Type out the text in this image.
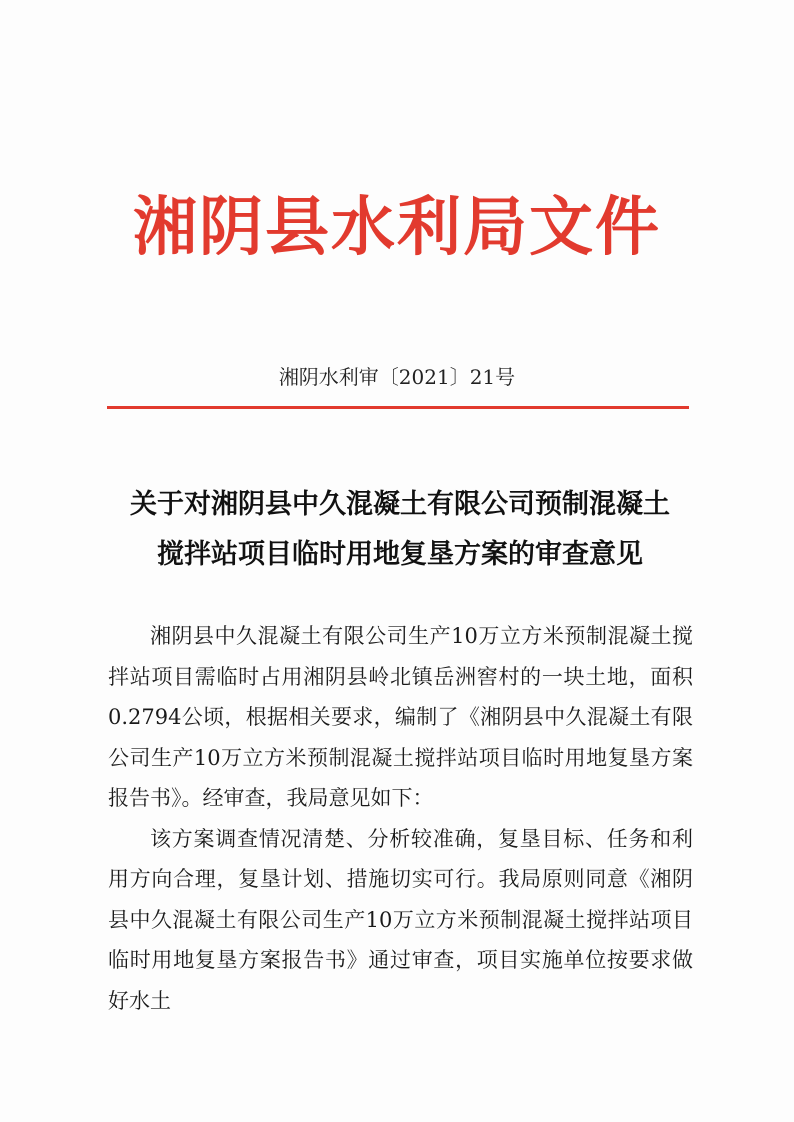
湘阴县水利局文件
湘阴水利审〔2021〕21号
关于对湘阴县中久混凝土有限公司预制混凝土
搅拌站项目临时用地复垦方案的审查意见

湘阴县中久混凝土有限公司生产10万立方米预制混凝土搅拌站项目需临时占用湘阴县岭北镇岳洲窖村的一块土地，面积0.2794公顷，根据相关要求，编制了《湘阴县中久混凝土有限公司生产10万立方米预制混凝土搅拌站项目临时用地复垦方案报告书》。经审查，我局意见如下：

该方案调查情况清楚、分析较准确，复垦目标、任务和利用方向合理，复垦计划、措施切实可行。我局原则同意《湘阴县中久混凝土有限公司生产10万立方米预制混凝土搅拌站项目临时用地复垦方案报告书》通过审查，项目实施单位按要求做好水土
